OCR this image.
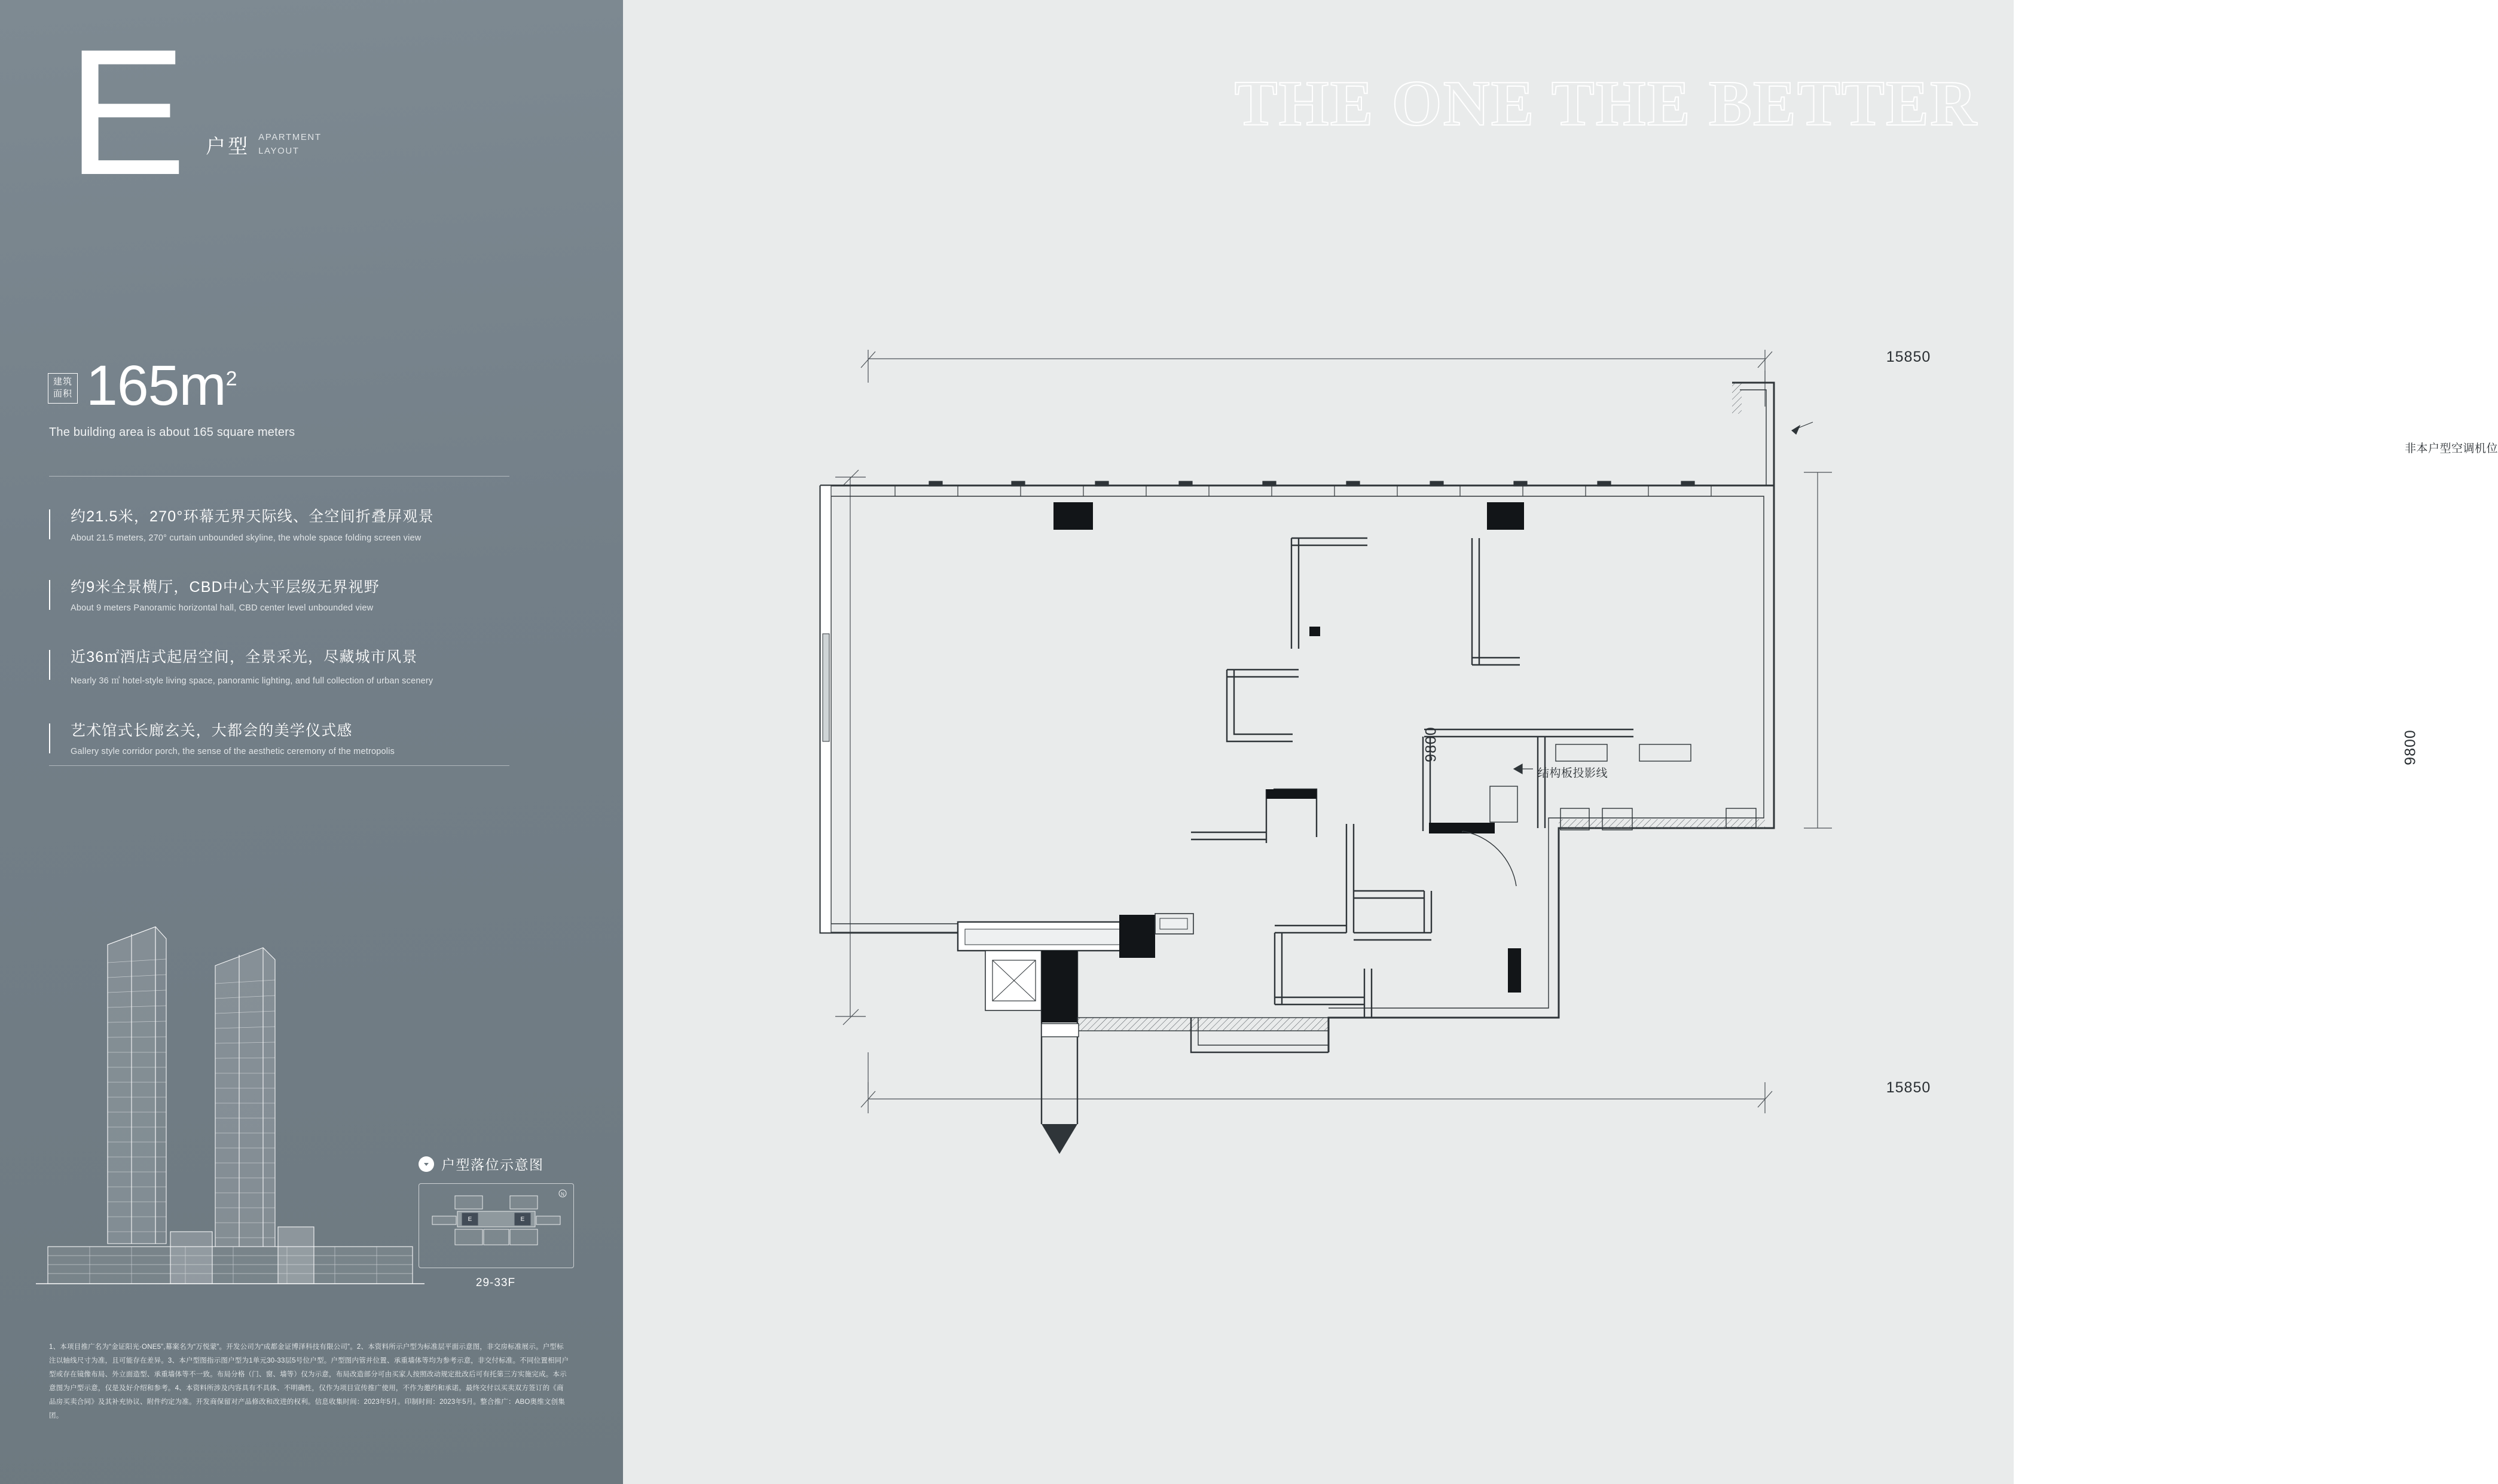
E 户型 APARTMENT
LAYOUT
建筑
面积 $165m^2$
The building area is about 165 square meters
约21.5米，270°环幕无界天际线、全空间折叠屏观景
About 21.5 meters, 270° curtain unbounded skyline, the whole space folding screen view
约9米全景横厅，CBD中心大平层级无界视野
About 9 meters Panoramic horizontal hall, CBD center level unbounded view
近36㎡酒店式起居空间，全景采光，尽藏城市风景
Nearly 36 ㎡ hotel-style living space, panoramic lighting, and full collection of urban scenery
艺术馆式长廊玄关，大都会的美学仪式感
Gallery style corridor porch, the sense of the aesthetic ceremony of the metropolis
户型落位示意图
E	E
N
29-33F

1、本项目推广名为“金证阳光·ONE5”,幕案名为“万悦蒙”。开发公司为“成都金证博泽科技有限公司”。2、本资料所示户型为标准层平面示意图，非交房标准展示。户型标注以轴线尺寸为准，且可能存在差异。3、本户型图指示图户型为1单元30-33层5号位户型。户型图内管并位置、承重墙体等均为参考示意，非交付标准。不同位置相同户型或存在镜像布局、外立面造型、承重墙体等不一致。布局分格（门、窗、墙等）仅为示意，布局改造部分可由买家人按照改动规定批改后可有托第三方实施完成。本示意图为户型示意，仅是及好介绍和参考。4、本资料所涉及内容具有不具体、不明确性，仅作为项目宣传推广使用，不作为邀约和承诺。最终交付以买卖双方签订的《商品房买卖合同》及其补充协议、附件约定为准。开发商保留对产品修改和改进的权利。信息收集时间：2023年5月。印制时间：2023年5月。整合推广：ABO奥维文创集团。

THE ONE THE BETTER
15850
15850
9800	9800
非本户型空调机位
结构板投影线
